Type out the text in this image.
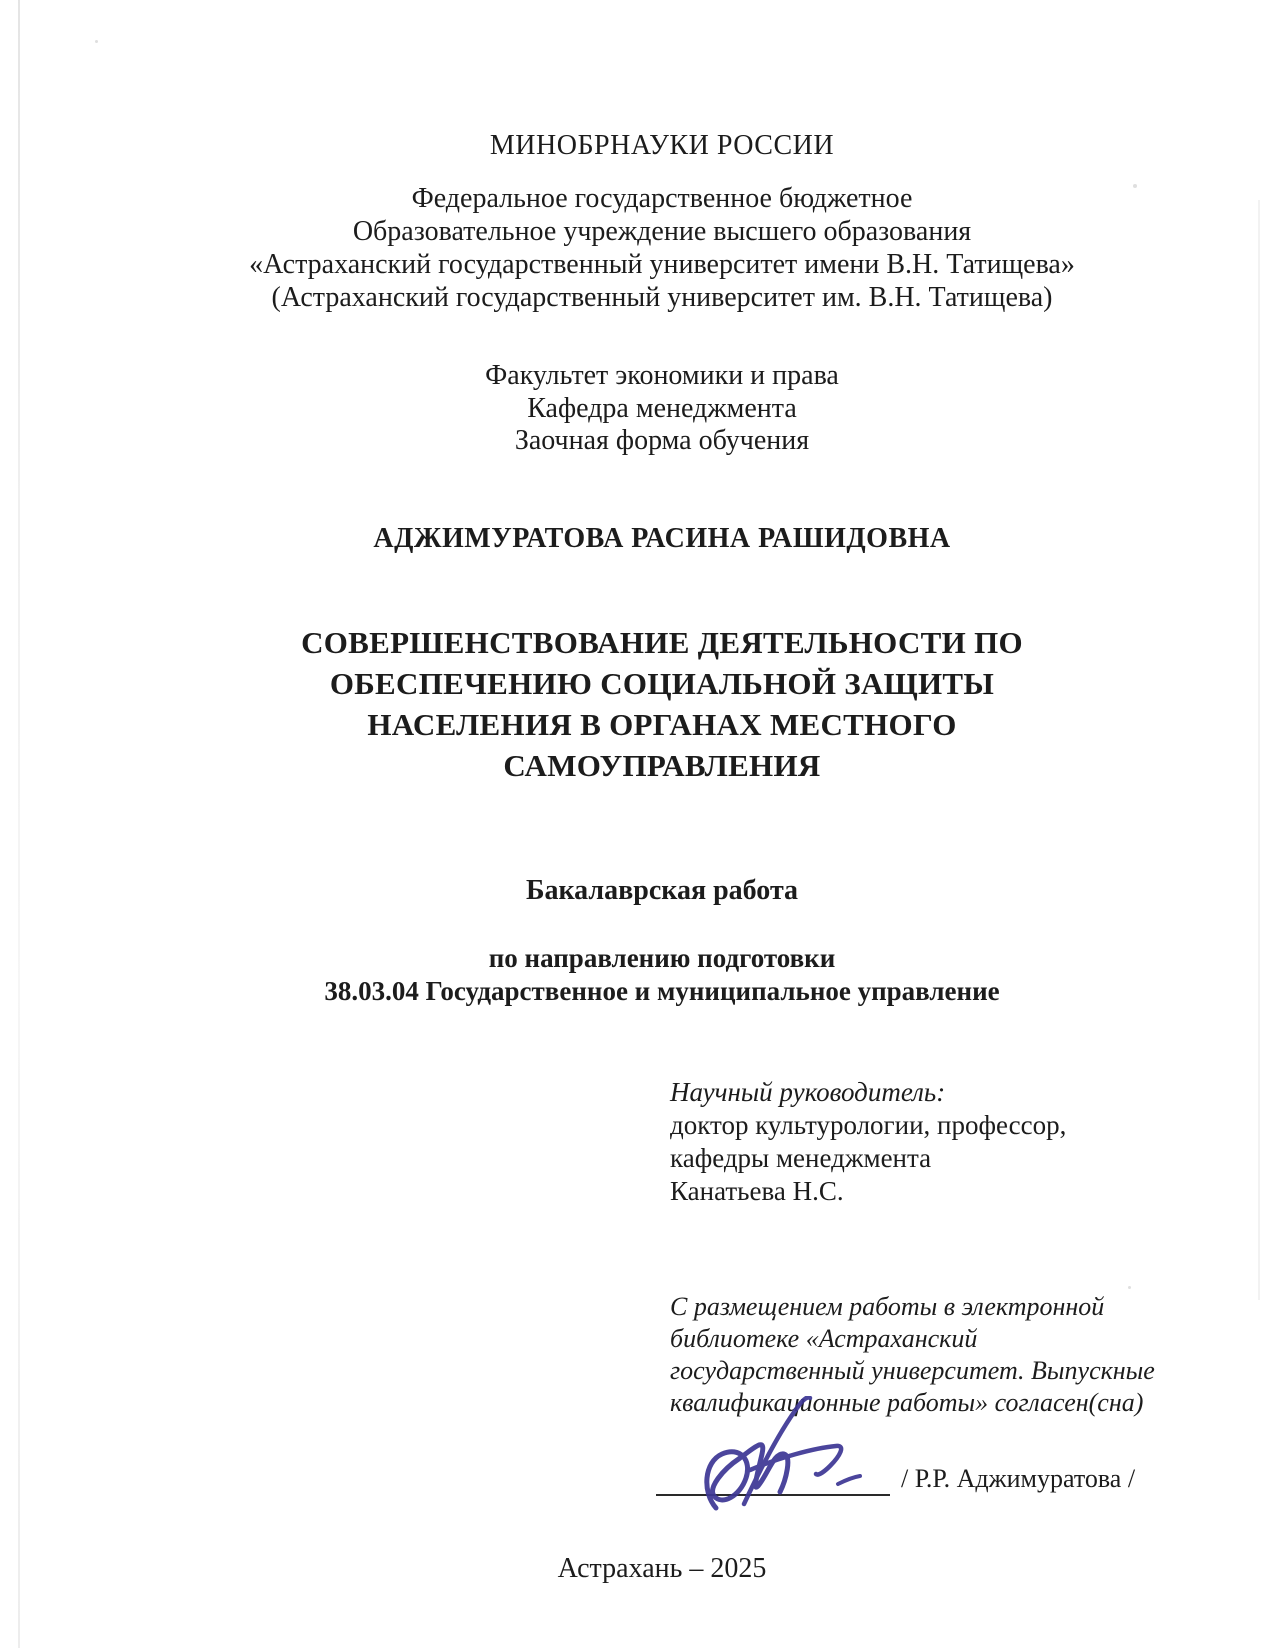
МИНОБРНАУКИ РОССИИ
Федеральное государственное бюджетное
Образовательное учреждение высшего образования
«Астраханский государственный университет имени В.Н. Татищева»
(Астраханский государственный университет им. В.Н. Татищева)
Факультет экономики и права
Кафедра менеджмента
Заочная форма обучения
АДЖИМУРАТОВА РАСИНА РАШИДОВНА
СОВЕРШЕНСТВОВАНИЕ ДЕЯТЕЛЬНОСТИ ПО
ОБЕСПЕЧЕНИЮ СОЦИАЛЬНОЙ ЗАЩИТЫ
НАСЕЛЕНИЯ В ОРГАНАХ МЕСТНОГО
САМОУПРАВЛЕНИЯ
Бакалаврская работа
по направлению подготовки
38.03.04 Государственное и муниципальное управление
Научный руководитель:
доктор культурологии, профессор,
кафедры менеджмента
Канатьева Н.С.
С размещением работы в электронной
библиотеке «Астраханский
государственный университет. Выпускные
квалификационные работы» согласен(сна)
/ Р.Р. Аджимуратова /
Астрахань – 2025
